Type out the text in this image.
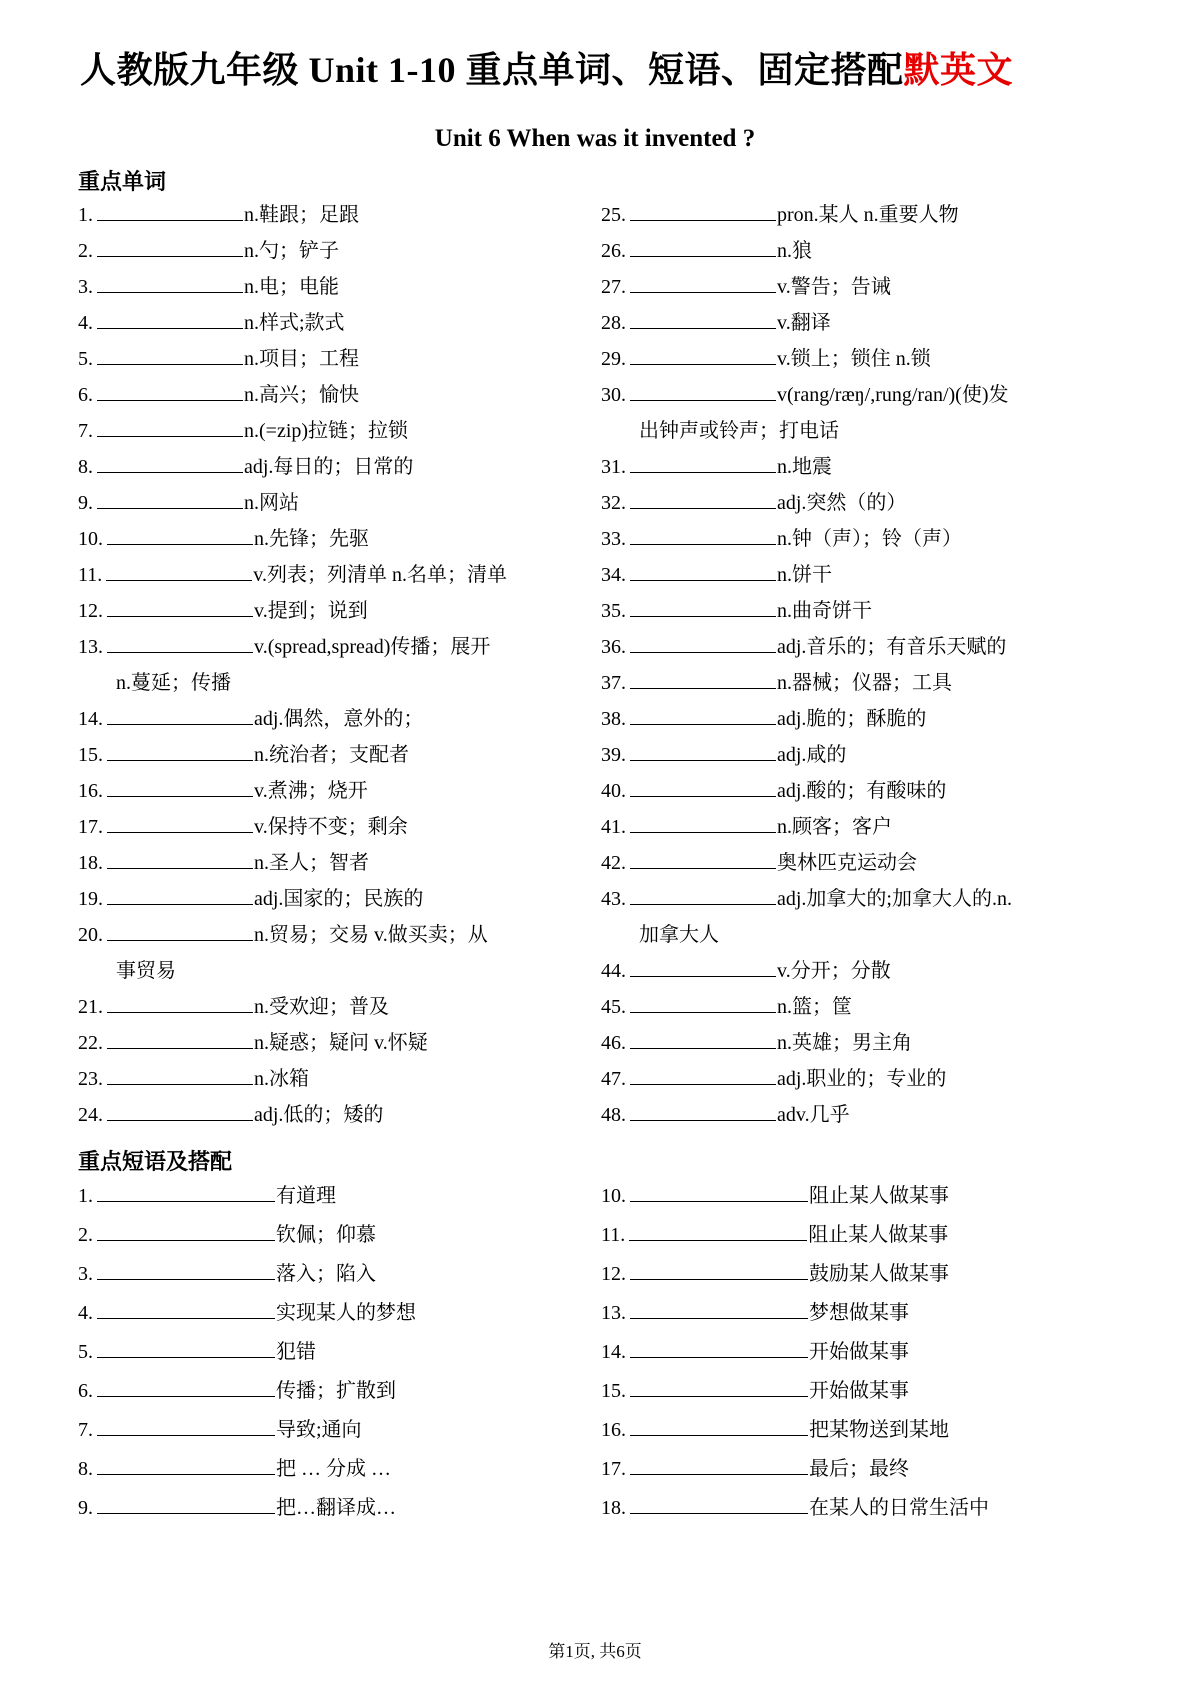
人教版九年级 Unit 1-10 重点单词、短语、固定搭配默英文
Unit 6 When was it invented ?
重点单词
1.	n.鞋跟；足跟
2.	n.勺；铲子
3.	n.电；电能
4.	n.样式;款式
5.	n.项目；工程
6.	n.高兴；愉快
7.	n.(=zip)拉链；拉锁
8.	adj.每日的；日常的
9.	n.网站
10.	n.先锋；先驱
11.	v.列表；列清单 n.名单；清单
12.	v.提到；说到
13.	v.(spread,spread)传播；展开
n.蔓延；传播
14.	adj.偶然，意外的；
15.	n.统治者；支配者
16.	v.煮沸；烧开
17.	v.保持不变；剩余
18.	n.圣人；智者
19.	adj.国家的；民族的
20.	n.贸易；交易 v.做买卖；从
事贸易
21.	n.受欢迎；普及
22.	n.疑惑；疑问 v.怀疑
23.	n.冰箱
24.	adj.低的；矮的
25.	pron.某人 n.重要人物
26.	n.狼
27.	v.警告；告诫
28.	v.翻译
29.	v.锁上；锁住 n.锁
30.	v(rang/ræŋ/,rung/ran/)(使)发
出钟声或铃声；打电话
31.	n.地震
32.	adj.突然（的）
33.	n.钟（声）；铃（声）
34.	n.饼干
35.	n.曲奇饼干
36.	adj.音乐的；有音乐天赋的
37.	n.器械；仪器；工具
38.	adj.脆的；酥脆的
39.	adj.咸的
40.	adj.酸的；有酸味的
41.	n.顾客；客户
42.	奥林匹克运动会
43.	adj.加拿大的;加拿大人的.n.
加拿大人
44.	v.分开；分散
45.	n.篮；筐
46.	n.英雄；男主角
47.	adj.职业的；专业的
48.	adv.几乎
重点短语及搭配
1.	有道理
2.	钦佩；仰慕
3.	落入；陷入
4.	实现某人的梦想
5.	犯错
6.	传播；扩散到
7.	导致;通向
8.	把 … 分成 …
9.	把…翻译成…
10.	阻止某人做某事
11.	阻止某人做某事
12.	鼓励某人做某事
13.	梦想做某事
14.	开始做某事
15.	开始做某事
16.	把某物送到某地
17.	最后；最终
18.	在某人的日常生活中
第1页, 共6页
